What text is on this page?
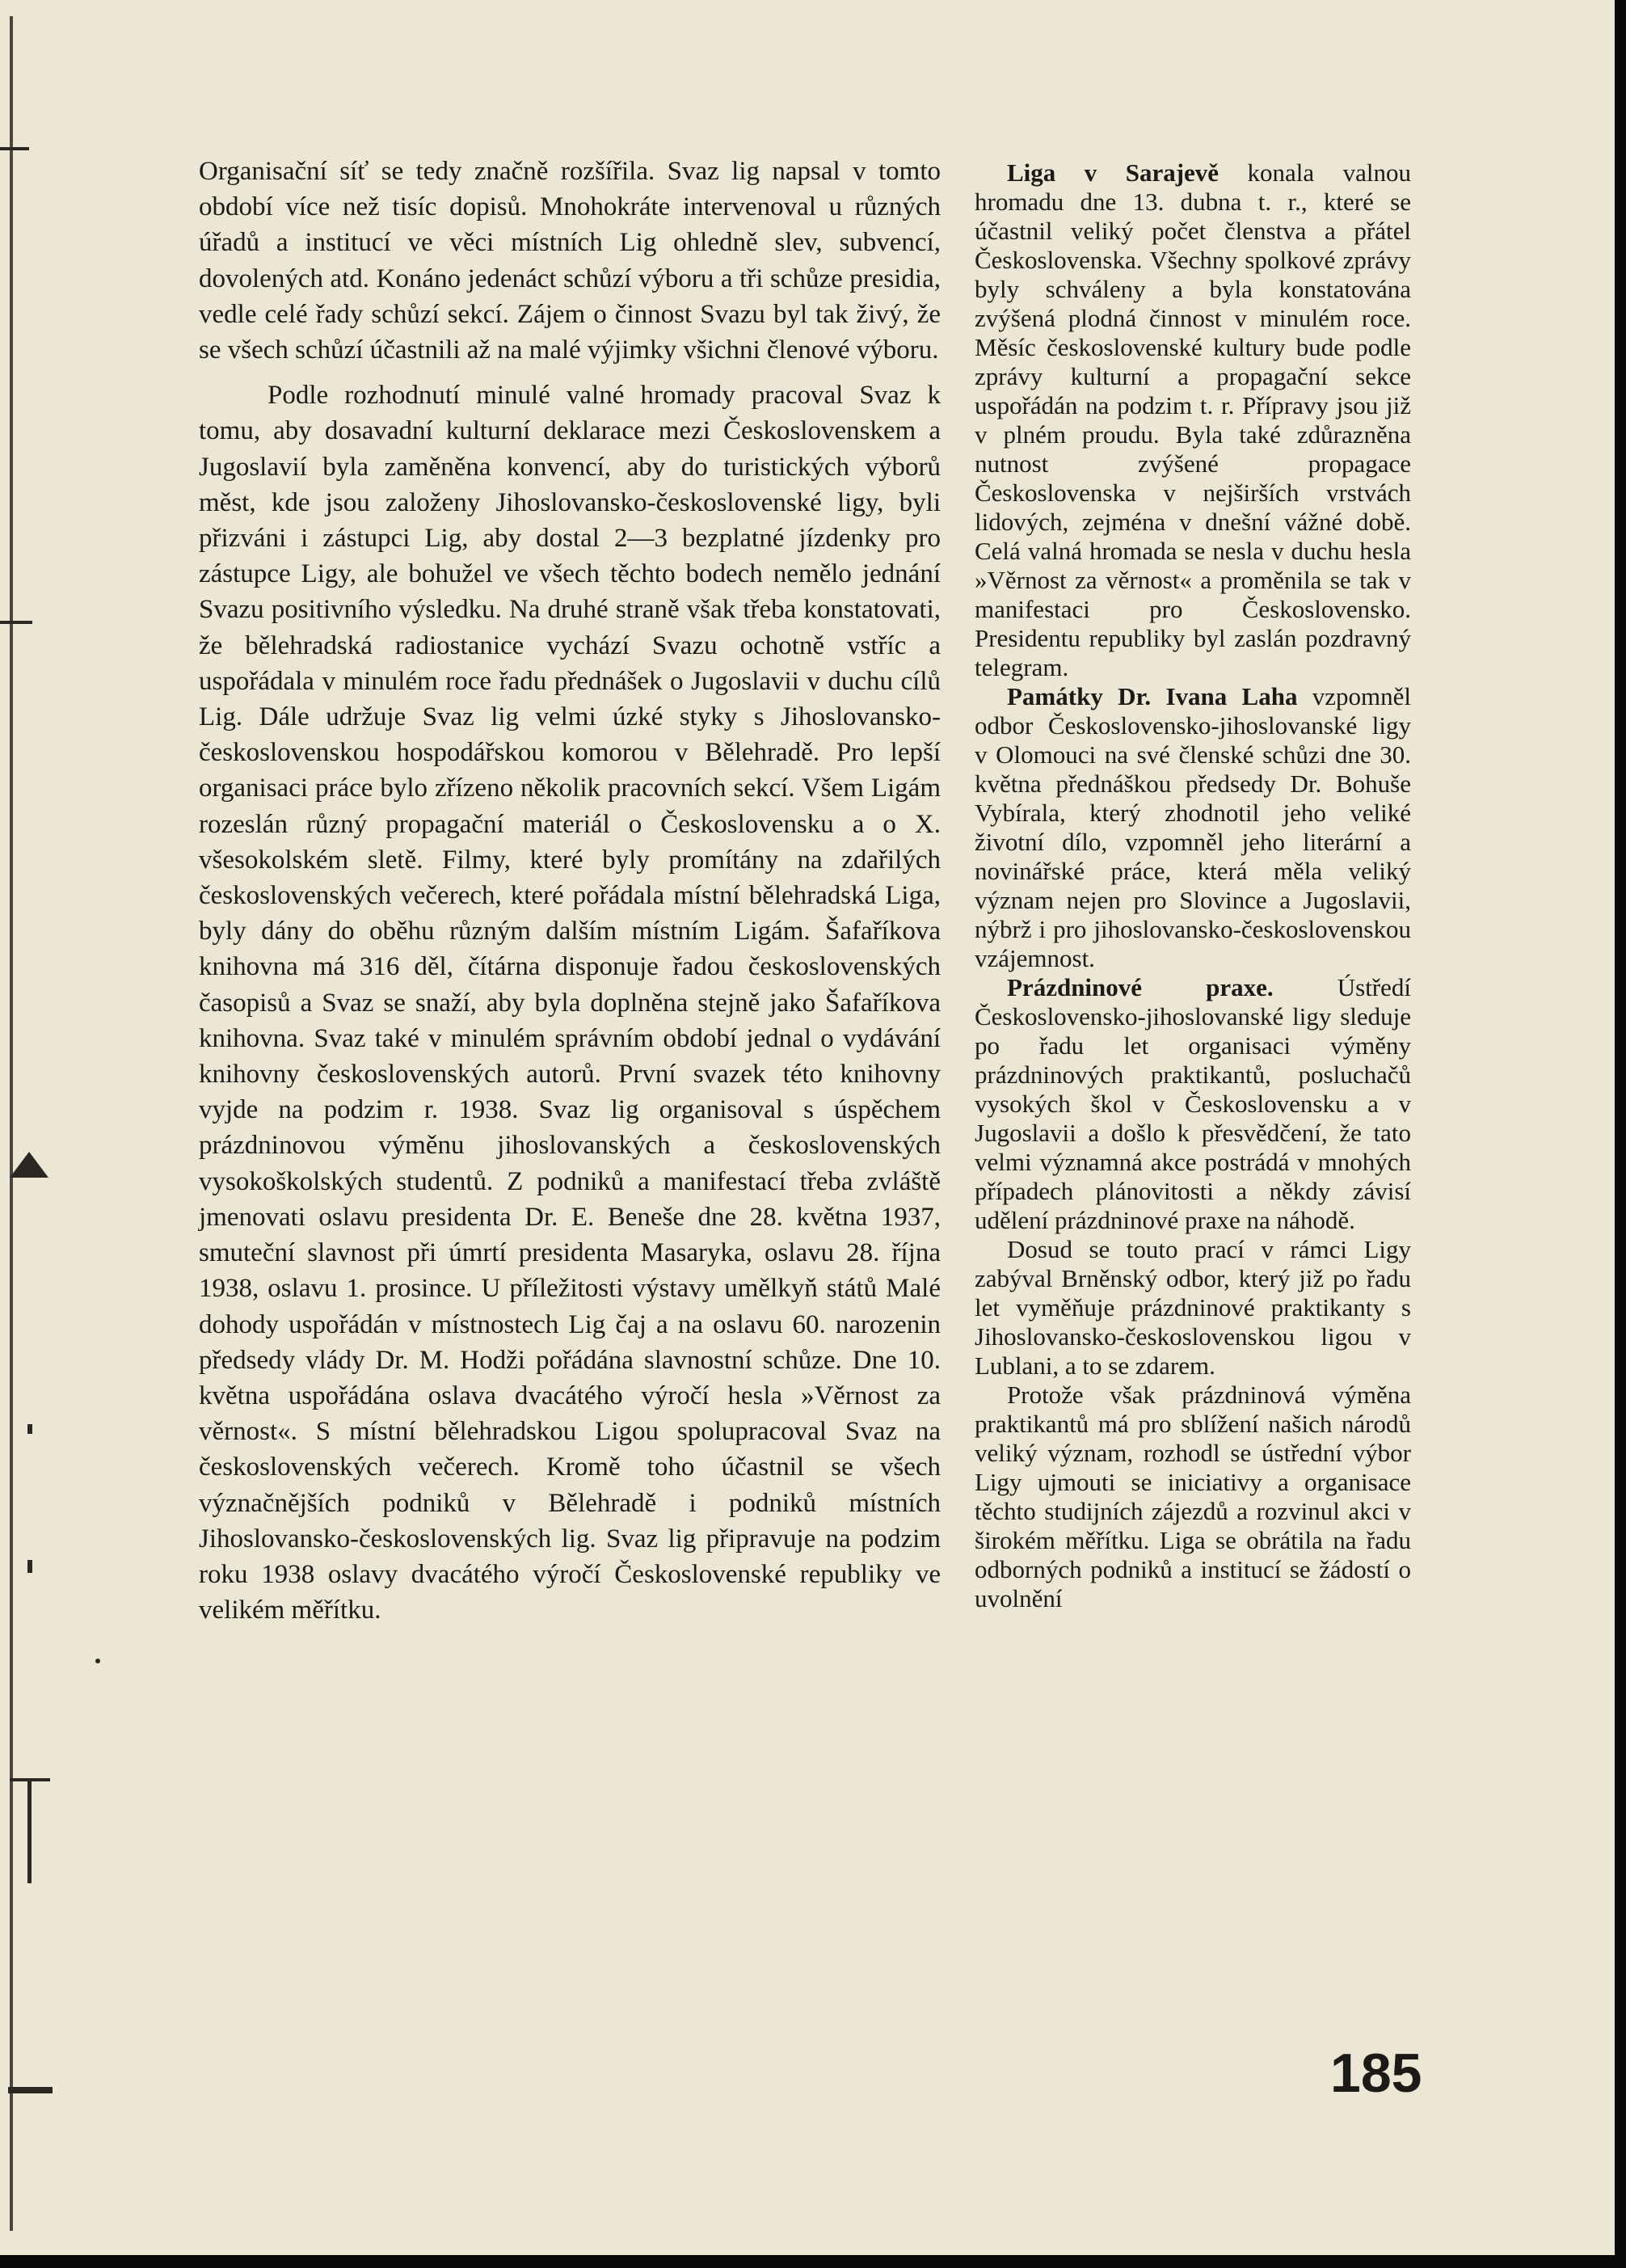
Organisační síť se tedy značně rozšířila. Svaz lig napsal v tomto období více než tisíc dopisů. Mnohokráte intervenoval u různých úřadů a institucí ve věci místních Lig ohledně slev, subvencí, dovolených atd. Konáno jedenáct schůzí výboru a tři schůze presidia, vedle celé řady schůzí sekcí. Zájem o činnost Svazu byl tak živý, že se všech schůzí účastnili až na malé výjimky všichni členové výboru.

Podle rozhodnutí minulé valné hromady pracoval Svaz k tomu, aby dosavadní kulturní deklarace mezi Československem a Jugoslavií byla zaměněna konvencí, aby do turistických výborů měst, kde jsou založeny Jihoslovansko-československé ligy, byli přizváni i zástupci Lig, aby dostal 2—3 bezplatné jízdenky pro zástupce Ligy, ale bohužel ve všech těchto bodech nemělo jednání Svazu positivního výsledku. Na druhé straně však třeba konstatovati, že bělehradská radiostanice vychází Svazu ochotně vstříc a uspořádala v minulém roce řadu přednášek o Jugoslavii v duchu cílů Lig. Dále udržuje Svaz lig velmi úzké styky s Jihoslovansko-československou hospodářskou komorou v Bělehradě. Pro lepší organisaci práce bylo zřízeno několik pracovních sekcí. Všem Ligám rozeslán různý propagační materiál o Československu a o X. všesokolském sletě. Filmy, které byly promítány na zdařilých československých večerech, které pořádala místní bělehradská Liga, byly dány do oběhu různým dalším místním Ligám. Šafaříkova knihovna má 316 děl, čítárna disponuje řadou československých časopisů a Svaz se snaží, aby byla doplněna stejně jako Šafaříkova knihovna. Svaz také v minulém správním období jednal o vydávání knihovny československých autorů. První svazek této knihovny vyjde na podzim r. 1938. Svaz lig organisoval s úspěchem prázdninovou výměnu jihoslovanských a československých vysokoškolských studentů. Z podniků a manifestací třeba zvláště jmenovati oslavu presidenta Dr. E. Beneše dne 28. května 1937, smuteční slavnost při úmrtí presidenta Masaryka, oslavu 28. října 1938, oslavu 1. prosince. U příležitosti výstavy umělkyň států Malé dohody uspořádán v místnostech Lig čaj a na oslavu 60. narozenin předsedy vlády Dr. M. Hodži pořádána slavnostní schůze. Dne 10. května uspořádána oslava dvacátého výročí hesla »Věrnost za věrnost«. S místní bělehradskou Ligou spolupracoval Svaz na československých večerech. Kromě toho účastnil se všech význačnějších podniků v Bělehradě i podniků místních Jihoslovansko-československých lig. Svaz lig připravuje na podzim roku 1938 oslavy dvacátého výročí Československé republiky ve velikém měřítku.

Liga v Sarajevě konala valnou hromadu dne 13. dubna t. r., které se účastnil veliký počet členstva a přátel Československa. Všechny spolkové zprávy byly schváleny a byla konstatována zvýšená plodná činnost v minulém roce. Měsíc československé kultury bude podle zprávy kulturní a propagační sekce uspořádán na podzim t. r. Přípravy jsou již v plném proudu. Byla také zdůrazněna nutnost zvýšené propagace Československa v nejširších vrstvách lidových, zejména v dnešní vážné době. Celá valná hromada se nesla v duchu hesla »Věrnost za věrnost« a proměnila se tak v manifestaci pro Československo. Presidentu republiky byl zaslán pozdravný telegram.

Památky Dr. Ivana Laha vzpomněl odbor Československo-jihoslovanské ligy v Olomouci na své členské schůzi dne 30. května přednáškou předsedy Dr. Bohuše Vybírala, který zhodnotil jeho veliké životní dílo, vzpomněl jeho literární a novinářské práce, která měla veliký význam nejen pro Slovince a Jugoslavii, nýbrž i pro jihoslovansko-československou vzájemnost.

Prázdninové praxe. Ústředí Československo-jihoslovanské ligy sleduje po řadu let organisaci výměny prázdninových praktikantů, posluchačů vysokých škol v Československu a v Jugoslavii a došlo k přesvědčení, že tato velmi významná akce postrádá v mnohých případech plánovitosti a někdy závisí udělení prázdninové praxe na náhodě.

Dosud se touto prací v rámci Ligy zabýval Brněnský odbor, který již po řadu let vyměňuje prázdninové praktikanty s Jihoslovansko-československou ligou v Lublani, a to se zdarem.

Protože však prázdninová výměna praktikantů má pro sblížení našich národů veliký význam, rozhodl se ústřední výbor Ligy ujmouti se iniciativy a organisace těchto studijních zájezdů a rozvinul akci v širokém měřítku. Liga se obrátila na řadu odborných podniků a institucí se žádostí o uvolnění

185
